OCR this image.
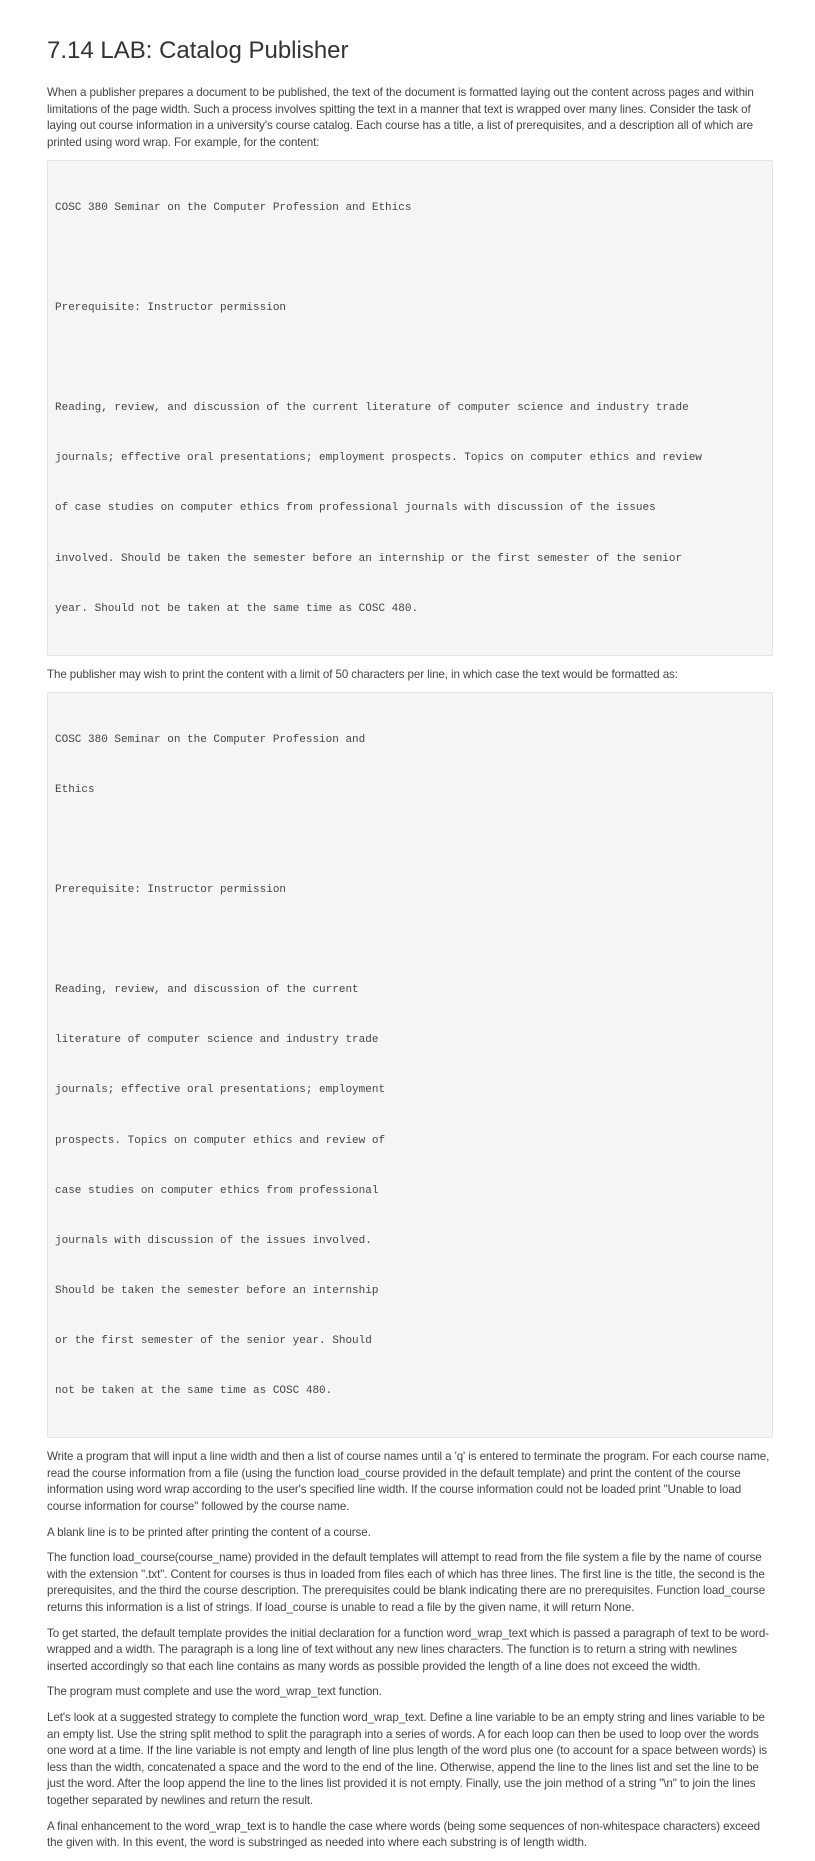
7.14 LAB: Catalog Publisher

When a publisher prepares a document to be published, the text of the document is formatted laying out the content across pages and within limitations of the page width. Such a process involves spitting the text in a manner that text is wrapped over many lines. Consider the task of laying out course information in a university's course catalog. Each course has a title, a list of prerequisites, and a description all of which are printed using word wrap. For example, for the content:

COSC 380 Seminar on the Computer Profession and Ethics

Prerequisite: Instructor permission

Reading, review, and discussion of the current literature of computer science and industry trade

journals; effective oral presentations; employment prospects. Topics on computer ethics and review

of case studies on computer ethics from professional journals with discussion of the issues

involved. Should be taken the semester before an internship or the first semester of the senior

year. Should not be taken at the same time as COSC 480.

The publisher may wish to print the content with a limit of 50 characters per line, in which case the text would be formatted as:

COSC 380 Seminar on the Computer Profession and

Ethics

Prerequisite: Instructor permission

Reading, review, and discussion of the current

literature of computer science and industry trade

journals; effective oral presentations; employment

prospects. Topics on computer ethics and review of

case studies on computer ethics from professional

journals with discussion of the issues involved.

Should be taken the semester before an internship

or the first semester of the senior year. Should

not be taken at the same time as COSC 480.

Write a program that will input a line width and then a list of course names until a 'q' is entered to terminate the program. For each course name, read the course information from a file (using the function load_course provided in the default template) and print the content of the course information using word wrap according to the user's specified line width. If the course information could not be loaded print "Unable to load course information for course" followed by the course name.

A blank line is to be printed after printing the content of a course.

The function load_course(course_name) provided in the default templates will attempt to read from the file system a file by the name of course with the extension ".txt". Content for courses is thus in loaded from files each of which has three lines. The first line is the title, the second is the prerequisites, and the third the course description. The prerequisites could be blank indicating there are no prerequisites. Function load_course returns this information is a list of strings. If load_course is unable to read a file by the given name, it will return None.

To get started, the default template provides the initial declaration for a function word_wrap_text which is passed a paragraph of text to be word-wrapped and a width. The paragraph is a long line of text without any new lines characters. The function is to return a string with newlines inserted accordingly so that each line contains as many words as possible provided the length of a line does not exceed the width.

The program must complete and use the word_wrap_text function.

Let's look at a suggested strategy to complete the function word_wrap_text. Define a line variable to be an empty string and lines variable to be an empty list. Use the string split method to split the paragraph into a series of words. A for each loop can then be used to loop over the words one word at a time. If the line variable is not empty and length of line plus length of the word plus one (to account for a space between words) is less than the width, concatenated a space and the word to the end of the line. Otherwise, append the line to the lines list and set the line to be just the word. After the loop append the line to the lines list provided it is not empty. Finally, use the join method of a string "\n" to join the lines together separated by newlines and return the result.

A final enhancement to the word_wrap_text is to handle the case where words (being some sequences of non-whitespace characters) exceed the given with. In this event, the word is substringed as needed into where each substring is of length width.
